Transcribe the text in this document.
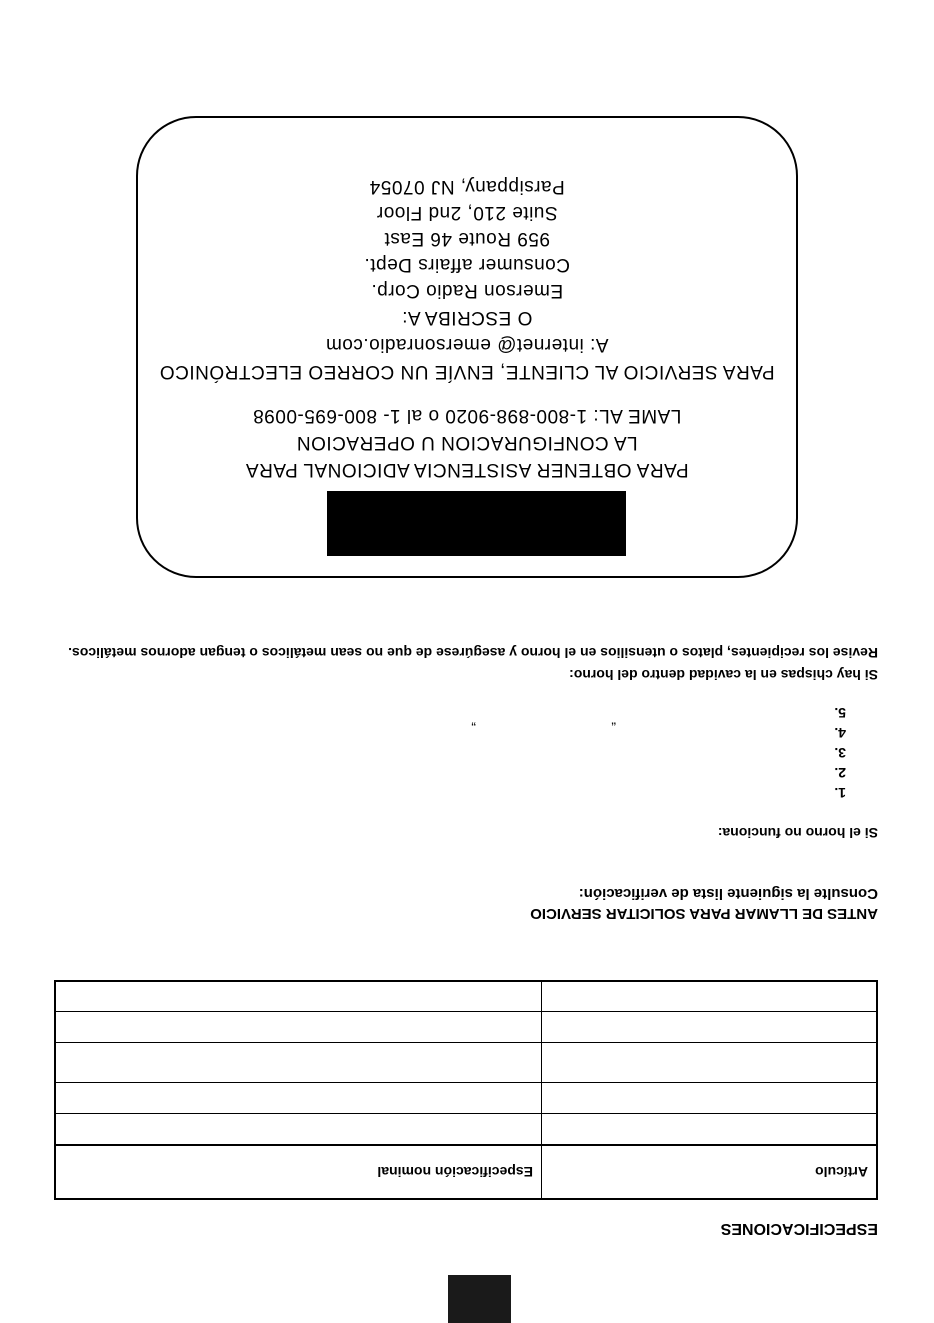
ESPECIFICACIONES
Artículo	Especificación nominal

ANTES DE LLAMAR PARA SOLICITAR SERVICIO
Consulte la siguiente lista de verificación:
Si el horno no funciona:
1.
2.
3.
4.
5.
“
”
Si hay chispas en la cavidad dentro del horno:
Revise los recipientes, platos o utensilios en el horno y asegúrese de que no sean metálicos o tengan adornos metálicos.
PARA OBTENER ASISTENCIA ADICIONAL PARA
LA CONFIGURACION U OPERACION
LAME AL: 1-800-898-9020 o al 1- 800-695-0098
PARA SERVICIO AL CLIENTE, ENVÍE UN CORREO ELECTRÓNICO
A: internet@ emersonradio.com
O ESCRIBA A:
Emerson Radio Corp.
Consumer affairs Dept.
959 Route 46 East
Suite 210, 2nd Floor
Parsippany, NJ 07054
